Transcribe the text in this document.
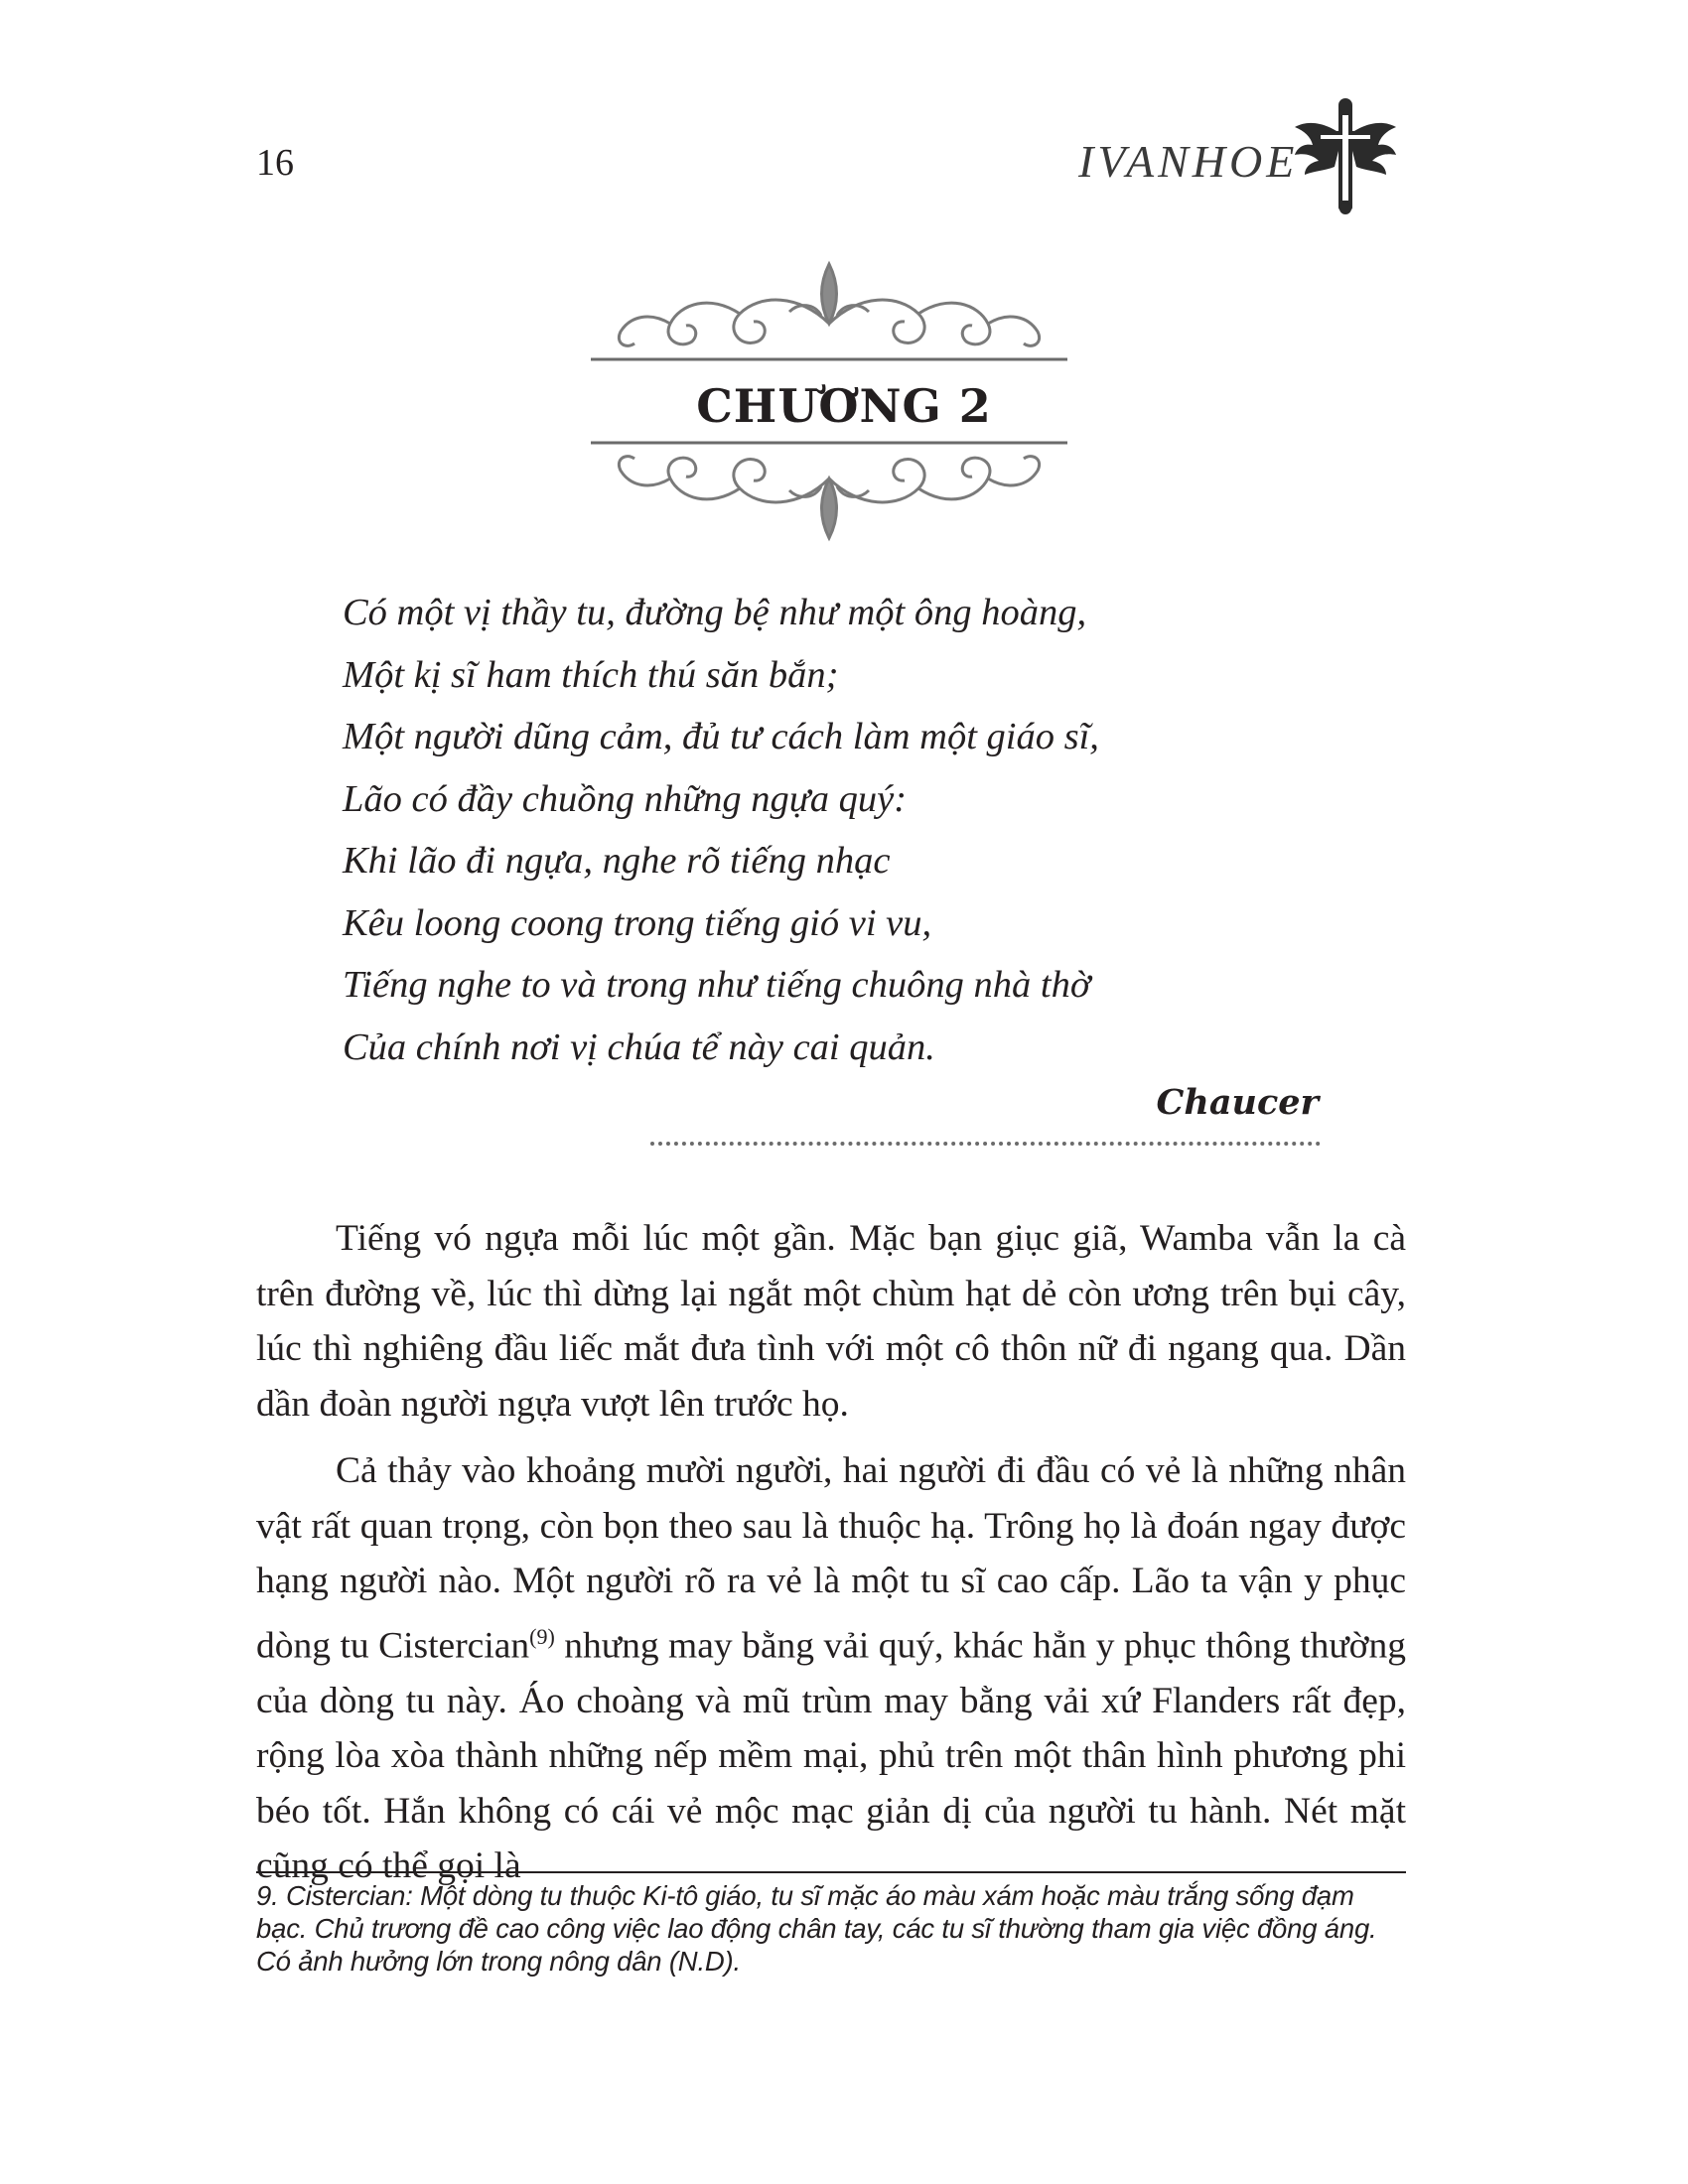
16	IVANHOE
CHƯƠNG 2
Có một vị thầy tu, đường bệ như một ông hoàng,
Một kị sĩ ham thích thú săn bắn;
Một người dũng cảm, đủ tư cách làm một giáo sĩ,
Lão có đầy chuồng những ngựa quý:
Khi lão đi ngựa, nghe rõ tiếng nhạc
Kêu loong coong trong tiếng gió vi vu,
Tiếng nghe to và trong như tiếng chuông nhà thờ
Của chính nơi vị chúa tể này cai quản.
Chaucer

Tiếng vó ngựa mỗi lúc một gần. Mặc bạn giục giã, Wamba vẫn la cà trên đường về, lúc thì dừng lại ngắt một chùm hạt dẻ còn ương trên bụi cây, lúc thì nghiêng đầu liếc mắt đưa tình với một cô thôn nữ đi ngang qua. Dần dần đoàn người ngựa vượt lên trước họ.

Cả thảy vào khoảng mười người, hai người đi đầu có vẻ là những nhân vật rất quan trọng, còn bọn theo sau là thuộc hạ. Trông họ là đoán ngay được hạng người nào. Một người rõ ra vẻ là một tu sĩ cao cấp. Lão ta vận y phục dòng tu Cistercian$^{(9)}$ nhưng may bằng vải quý, khác hẳn y phục thông thường của dòng tu này. Áo choàng và mũ trùm may bằng vải xứ Flanders rất đẹp, rộng lòa xòa thành những nếp mềm mại, phủ trên một thân hình phương phi béo tốt. Hắn không có cái vẻ mộc mạc giản dị của người tu hành. Nét mặt cũng có thể gọi là

9. Cistercian: Một dòng tu thuộc Ki-tô giáo, tu sĩ mặc áo màu xám hoặc màu trắng sống đạm bạc. Chủ trương đề cao công việc lao động chân tay, các tu sĩ thường tham gia việc đồng áng. Có ảnh hưởng lớn trong nông dân (N.D).
